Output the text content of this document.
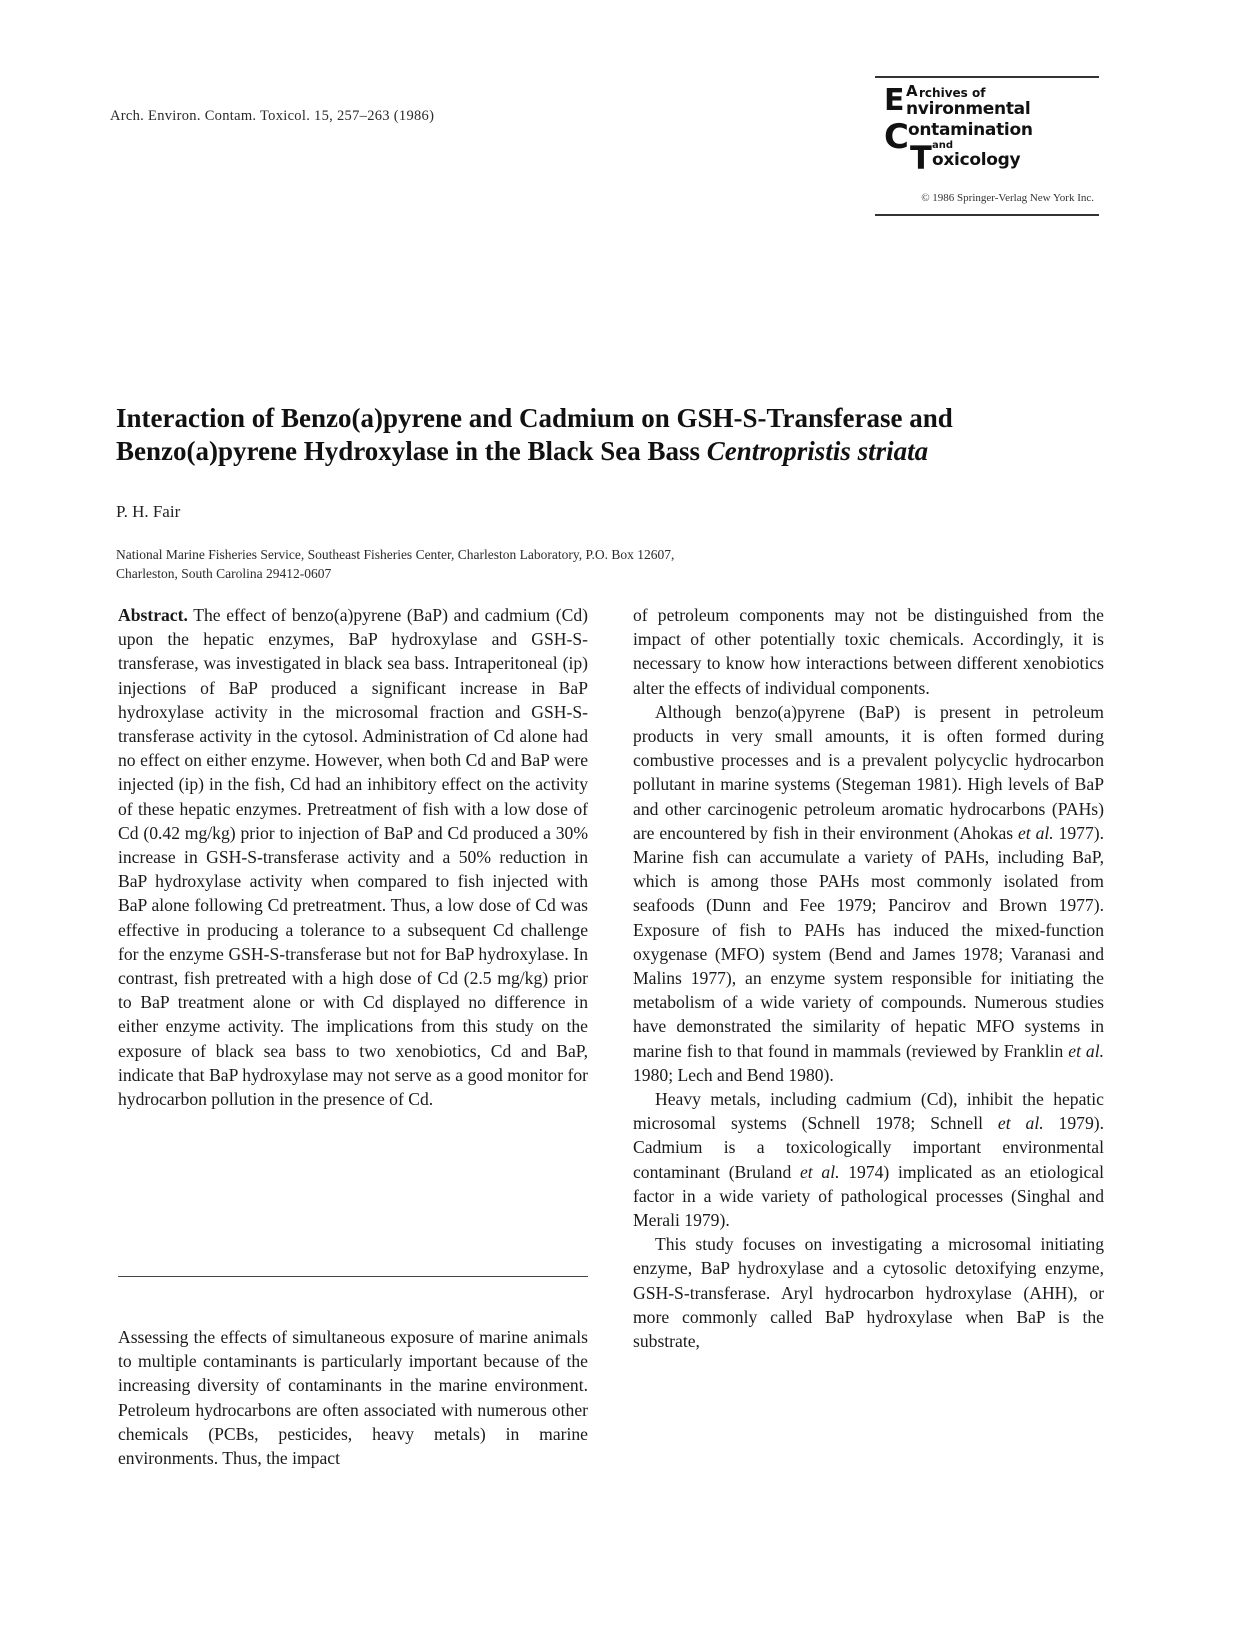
Arch. Environ. Contam. Toxicol. 15, 257–263 (1986)	E A rchives of
nvironmental
C ontamination
and
T oxicology
© 1986 Springer-Verlag New York Inc.
Interaction of Benzo(a)pyrene and Cadmium on GSH-S-Transferase and Benzo(a)pyrene Hydroxylase in the Black Sea Bass Centropristis striata
P. H. Fair
National Marine Fisheries Service, Southeast Fisheries Center, Charleston Laboratory, P.O. Box 12607,
Charleston, South Carolina 29412-0607

Abstract. The effect of benzo(a)pyrene (BaP) and cadmium (Cd) upon the hepatic enzymes, BaP hydroxylase and GSH-S-transferase, was investigated in black sea bass. Intraperitoneal (ip) injections of BaP produced a significant increase in BaP hydroxylase activity in the microsomal fraction and GSH-S-transferase activity in the cytosol. Administration of Cd alone had no effect on either enzyme. However, when both Cd and BaP were injected (ip) in the fish, Cd had an inhibitory effect on the activity of these hepatic enzymes. Pretreatment of fish with a low dose of Cd (0.42 mg/kg) prior to injection of BaP and Cd produced a 30% increase in GSH-S-transferase activity and a 50% reduction in BaP hydroxylase activity when compared to fish injected with BaP alone following Cd pretreatment. Thus, a low dose of Cd was effective in producing a tolerance to a subsequent Cd challenge for the enzyme GSH-S-transferase but not for BaP hydroxylase. In contrast, fish pretreated with a high dose of Cd (2.5 mg/kg) prior to BaP treatment alone or with Cd displayed no difference in either enzyme activity. The implications from this study on the exposure of black sea bass to two xenobiotics, Cd and BaP, indicate that BaP hydroxylase may not serve as a good monitor for hydrocarbon pollution in the presence of Cd.

Assessing the effects of simultaneous exposure of marine animals to multiple contaminants is particularly important because of the increasing diversity of contaminants in the marine environment. Petroleum hydrocarbons are often associated with numerous other chemicals (PCBs, pesticides, heavy metals) in marine environments. Thus, the impact

of petroleum components may not be distinguished from the impact of other potentially toxic chemicals. Accordingly, it is necessary to know how interactions between different xenobiotics alter the effects of individual components.

Although benzo(a)pyrene (BaP) is present in petroleum products in very small amounts, it is often formed during combustive processes and is a prevalent polycyclic hydrocarbon pollutant in marine systems (Stegeman 1981). High levels of BaP and other carcinogenic petroleum aromatic hydrocarbons (PAHs) are encountered by fish in their environment (Ahokas et al. 1977). Marine fish can accumulate a variety of PAHs, including BaP, which is among those PAHs most commonly isolated from seafoods (Dunn and Fee 1979; Pancirov and Brown 1977). Exposure of fish to PAHs has induced the mixed-function oxygenase (MFO) system (Bend and James 1978; Varanasi and Malins 1977), an enzyme system responsible for initiating the metabolism of a wide variety of compounds. Numerous studies have demonstrated the similarity of hepatic MFO systems in marine fish to that found in mammals (reviewed by Franklin et al. 1980; Lech and Bend 1980).

Heavy metals, including cadmium (Cd), inhibit the hepatic microsomal systems (Schnell 1978; Schnell et al. 1979). Cadmium is a toxicologically important environmental contaminant (Bruland et al. 1974) implicated as an etiological factor in a wide variety of pathological processes (Singhal and Merali 1979).

This study focuses on investigating a microsomal initiating enzyme, BaP hydroxylase and a cytosolic detoxifying enzyme, GSH-S-transferase. Aryl hydrocarbon hydroxylase (AHH), or more commonly called BaP hydroxylase when BaP is the substrate,
